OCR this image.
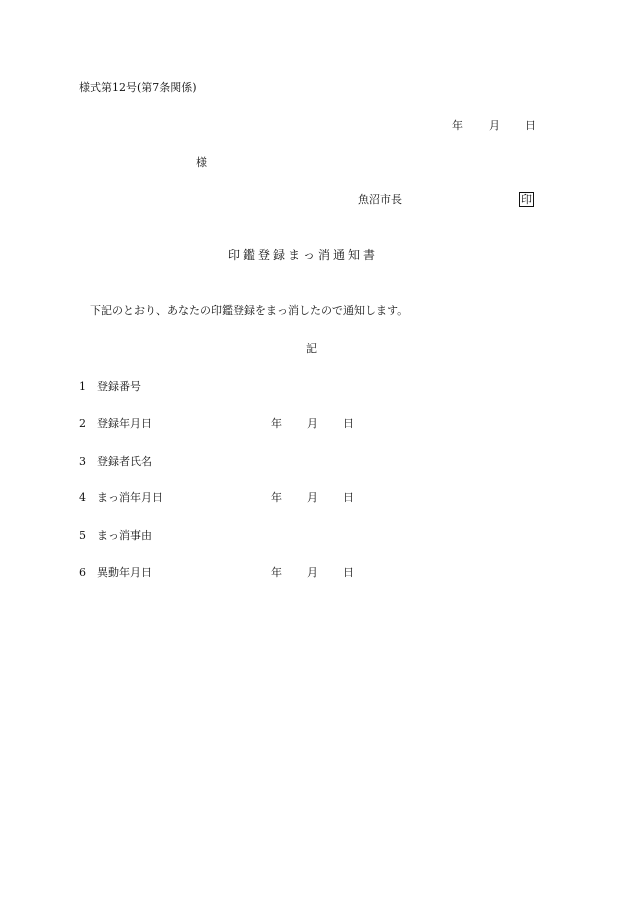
様式第12号(第7条関係)
年 月 日
様
魚沼市長	印
印鑑登録まっ消通知書
下記のとおり、あなたの印鑑登録をまっ消したので通知します。
記
1 登録番号
2 登録年月日	年 月 日
3 登録者氏名
4 まっ消年月日	年 月 日
5 まっ消事由
6 異動年月日	年 月 日
